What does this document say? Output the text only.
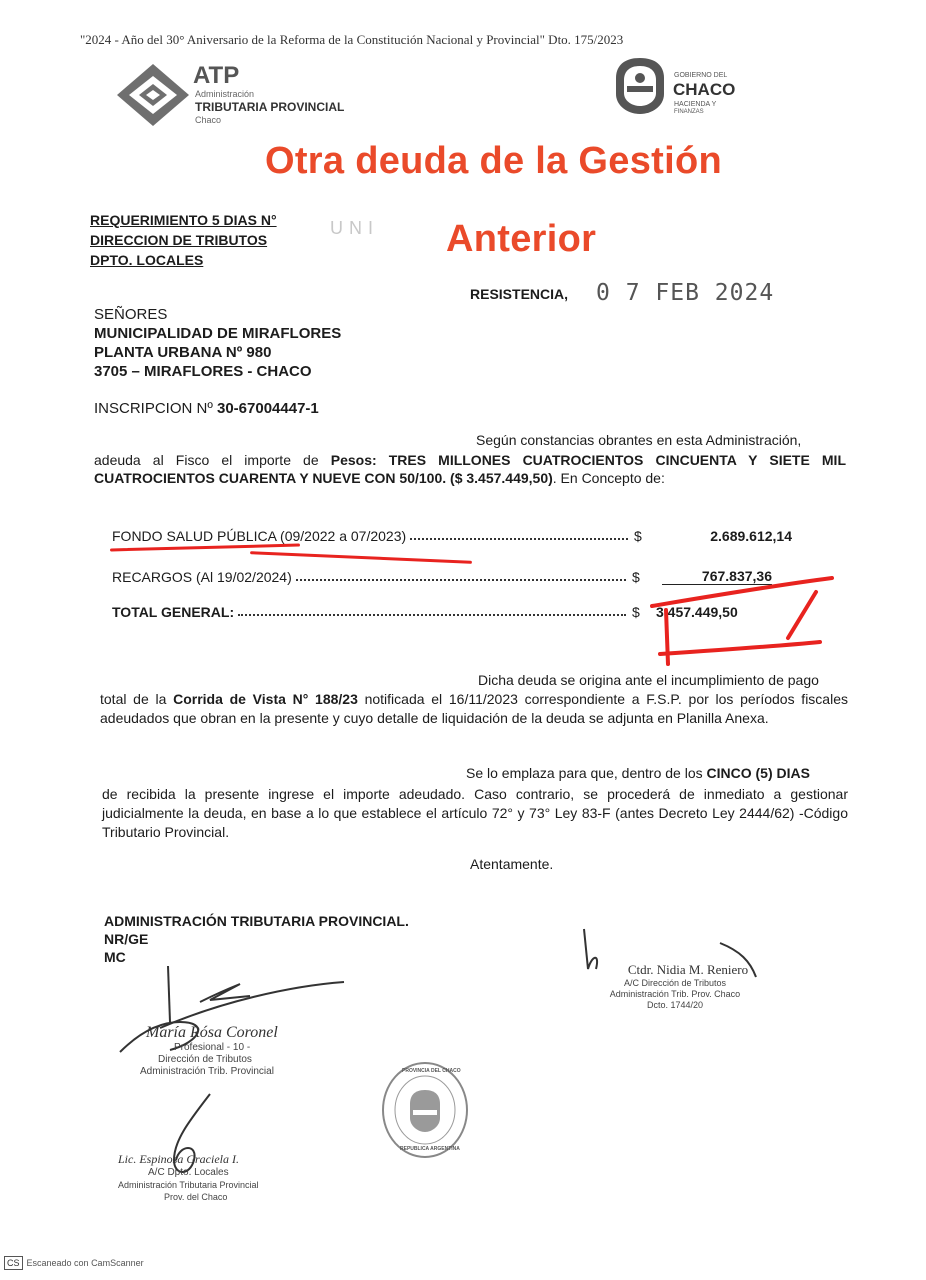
"2024 - Año del 30° Aniversario de la Reforma de la Constitución Nacional y Provincial" Dto. 175/2023
ATP
Administración
TRIBUTARIA PROVINCIAL
Chaco
GOBIERNO DEL
CHACO
HACIENDA Y
FINANZAS
Otra deuda de la Gestión
Anterior
REQUERIMIENTO 5 DIAS N°
DIRECCION DE TRIBUTOS
DPTO. LOCALES
UNI
RESISTENCIA, 0 7 FEB 2024
SEÑORES
MUNICIPALIDAD DE MIRAFLORES
PLANTA URBANA Nº 980
3705 – MIRAFLORES - CHACO
INSCRIPCION Nº 30-67004447-1
Según constancias obrantes en esta Administración,
adeuda al Fisco el importe de Pesos: TRES MILLONES CUATROCIENTOS CINCUENTA Y SIETE MIL CUATROCIENTOS CUARENTA Y NUEVE CON 50/100. ($ 3.457.449,50). En Concepto de:
FONDO SALUD PÚBLICA (09/2022 a 07/2023)	$	2.689.612,14
RECARGOS (Al 19/02/2024)	$	767.837,36
TOTAL GENERAL:	$	3.457.449,50
Dicha deuda se origina ante el incumplimiento de pago
total de la Corrida de Vista N° 188/23 notificada el 16/11/2023 correspondiente a F.S.P. por los períodos fiscales adeudados que obran en la presente y cuyo detalle de liquidación de la deuda se adjunta en Planilla Anexa.
Se lo emplaza para que, dentro de los CINCO (5) DIAS
de recibida la presente ingrese el importe adeudado. Caso contrario, se procederá de inmediato a gestionar judicialmente la deuda, en base a lo que establece el artículo 72° y 73° Ley 83-F (antes Decreto Ley 2444/62) -Código Tributario Provincial.
Atentamente.
ADMINISTRACIÓN TRIBUTARIA PROVINCIAL.
NR/GE
MC
María Rósa Coronel
Profesional - 10 -
Dirección de Tributos
Administración Trib. Provincial
Ctdr. Nidia M. Reniero
A/C Dirección de Tributos
Administración Trib. Prov. Chaco
Dcto. 1744/20
PROVINCIA DEL CHACO
REPUBLICA ARGENTINA
Lic. Espinosa Graciela I.
A/C Dpto. Locales
Administración Tributaria Provincial
Prov. del Chaco
CS Escaneado con CamScanner
